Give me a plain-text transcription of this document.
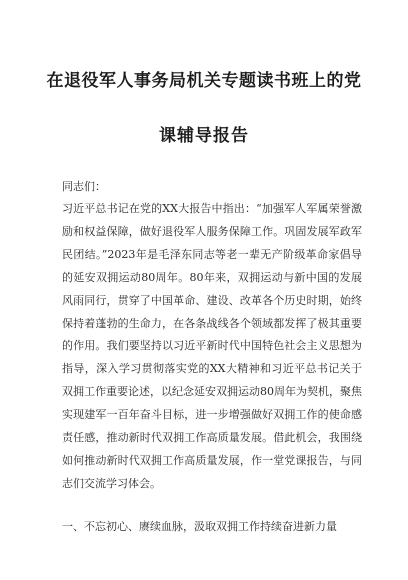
在退役军人事务局机关专题读书班上的党
课辅导报告

同志们：

习近平总书记在党的XX大报告中指出：“加强军人军属荣誉激励和权益保障，做好退役军人服务保障工作。巩固发展军政军民团结。”2023年是毛泽东同志等老一辈无产阶级革命家倡导的延安双拥运动80周年。80年来，双拥运动与新中国的发展风雨同行，贯穿了中国革命、建设、改革各个历史时期，始终保持着蓬勃的生命力，在各条战线各个领域都发挥了极其重要的作用。我们要坚持以习近平新时代中国特色社会主义思想为指导，深入学习贯彻落实党的XX大精神和习近平总书记关于双拥工作重要论述，以纪念延安双拥运动80周年为契机，聚焦实现建军一百年奋斗目标，进一步增强做好双拥工作的使命感责任感，推动新时代双拥工作高质量发展。借此机会，我围绕如何推动新时代双拥工作高质量发展，作一堂党课报告，与同志们交流学习体会。

一、不忘初心、赓续血脉，汲取双拥工作持续奋进新力量
